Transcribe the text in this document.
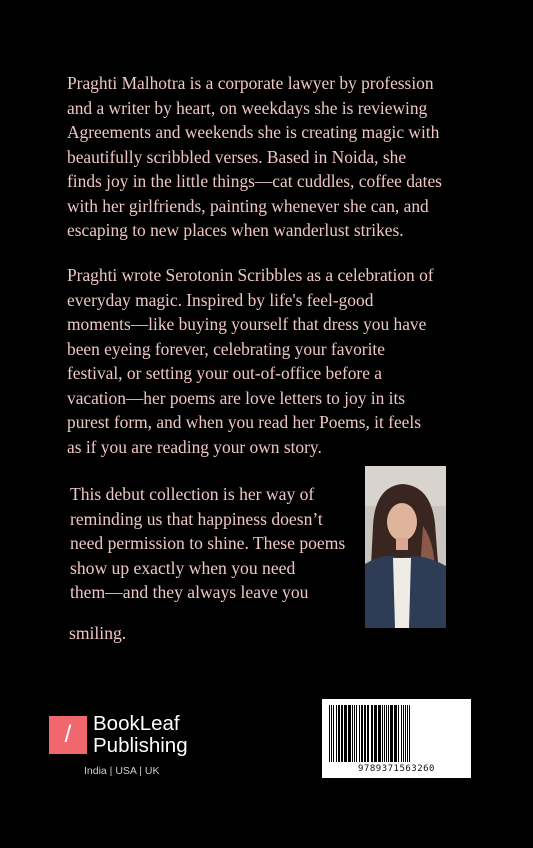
Praghti Malhotra is a corporate lawyer by profession
and a writer by heart, on weekdays she is reviewing
Agreements and weekends she is creating magic with
beautifully scribbled verses. Based in Noida, she
finds joy in the little things—cat cuddles, coffee dates
with her girlfriends, painting whenever she can, and
escaping to new places when wanderlust strikes.
Praghti wrote Serotonin Scribbles as a celebration of
everyday magic. Inspired by life's feel-good
moments—like buying yourself that dress you have
been eyeing forever, celebrating your favorite
festival, or setting your out-of-office before a
vacation—her poems are love letters to joy in its
purest form, and when you read her Poems, it feels
as if you are reading your own story.
This debut collection is her way of
reminding us that happiness doesn’t
need permission to shine. These poems
show up exactly when you need
them—and they always leave you
smiling.
/	BookLeaf
Publishing
India | USA | UK	9789371563260
